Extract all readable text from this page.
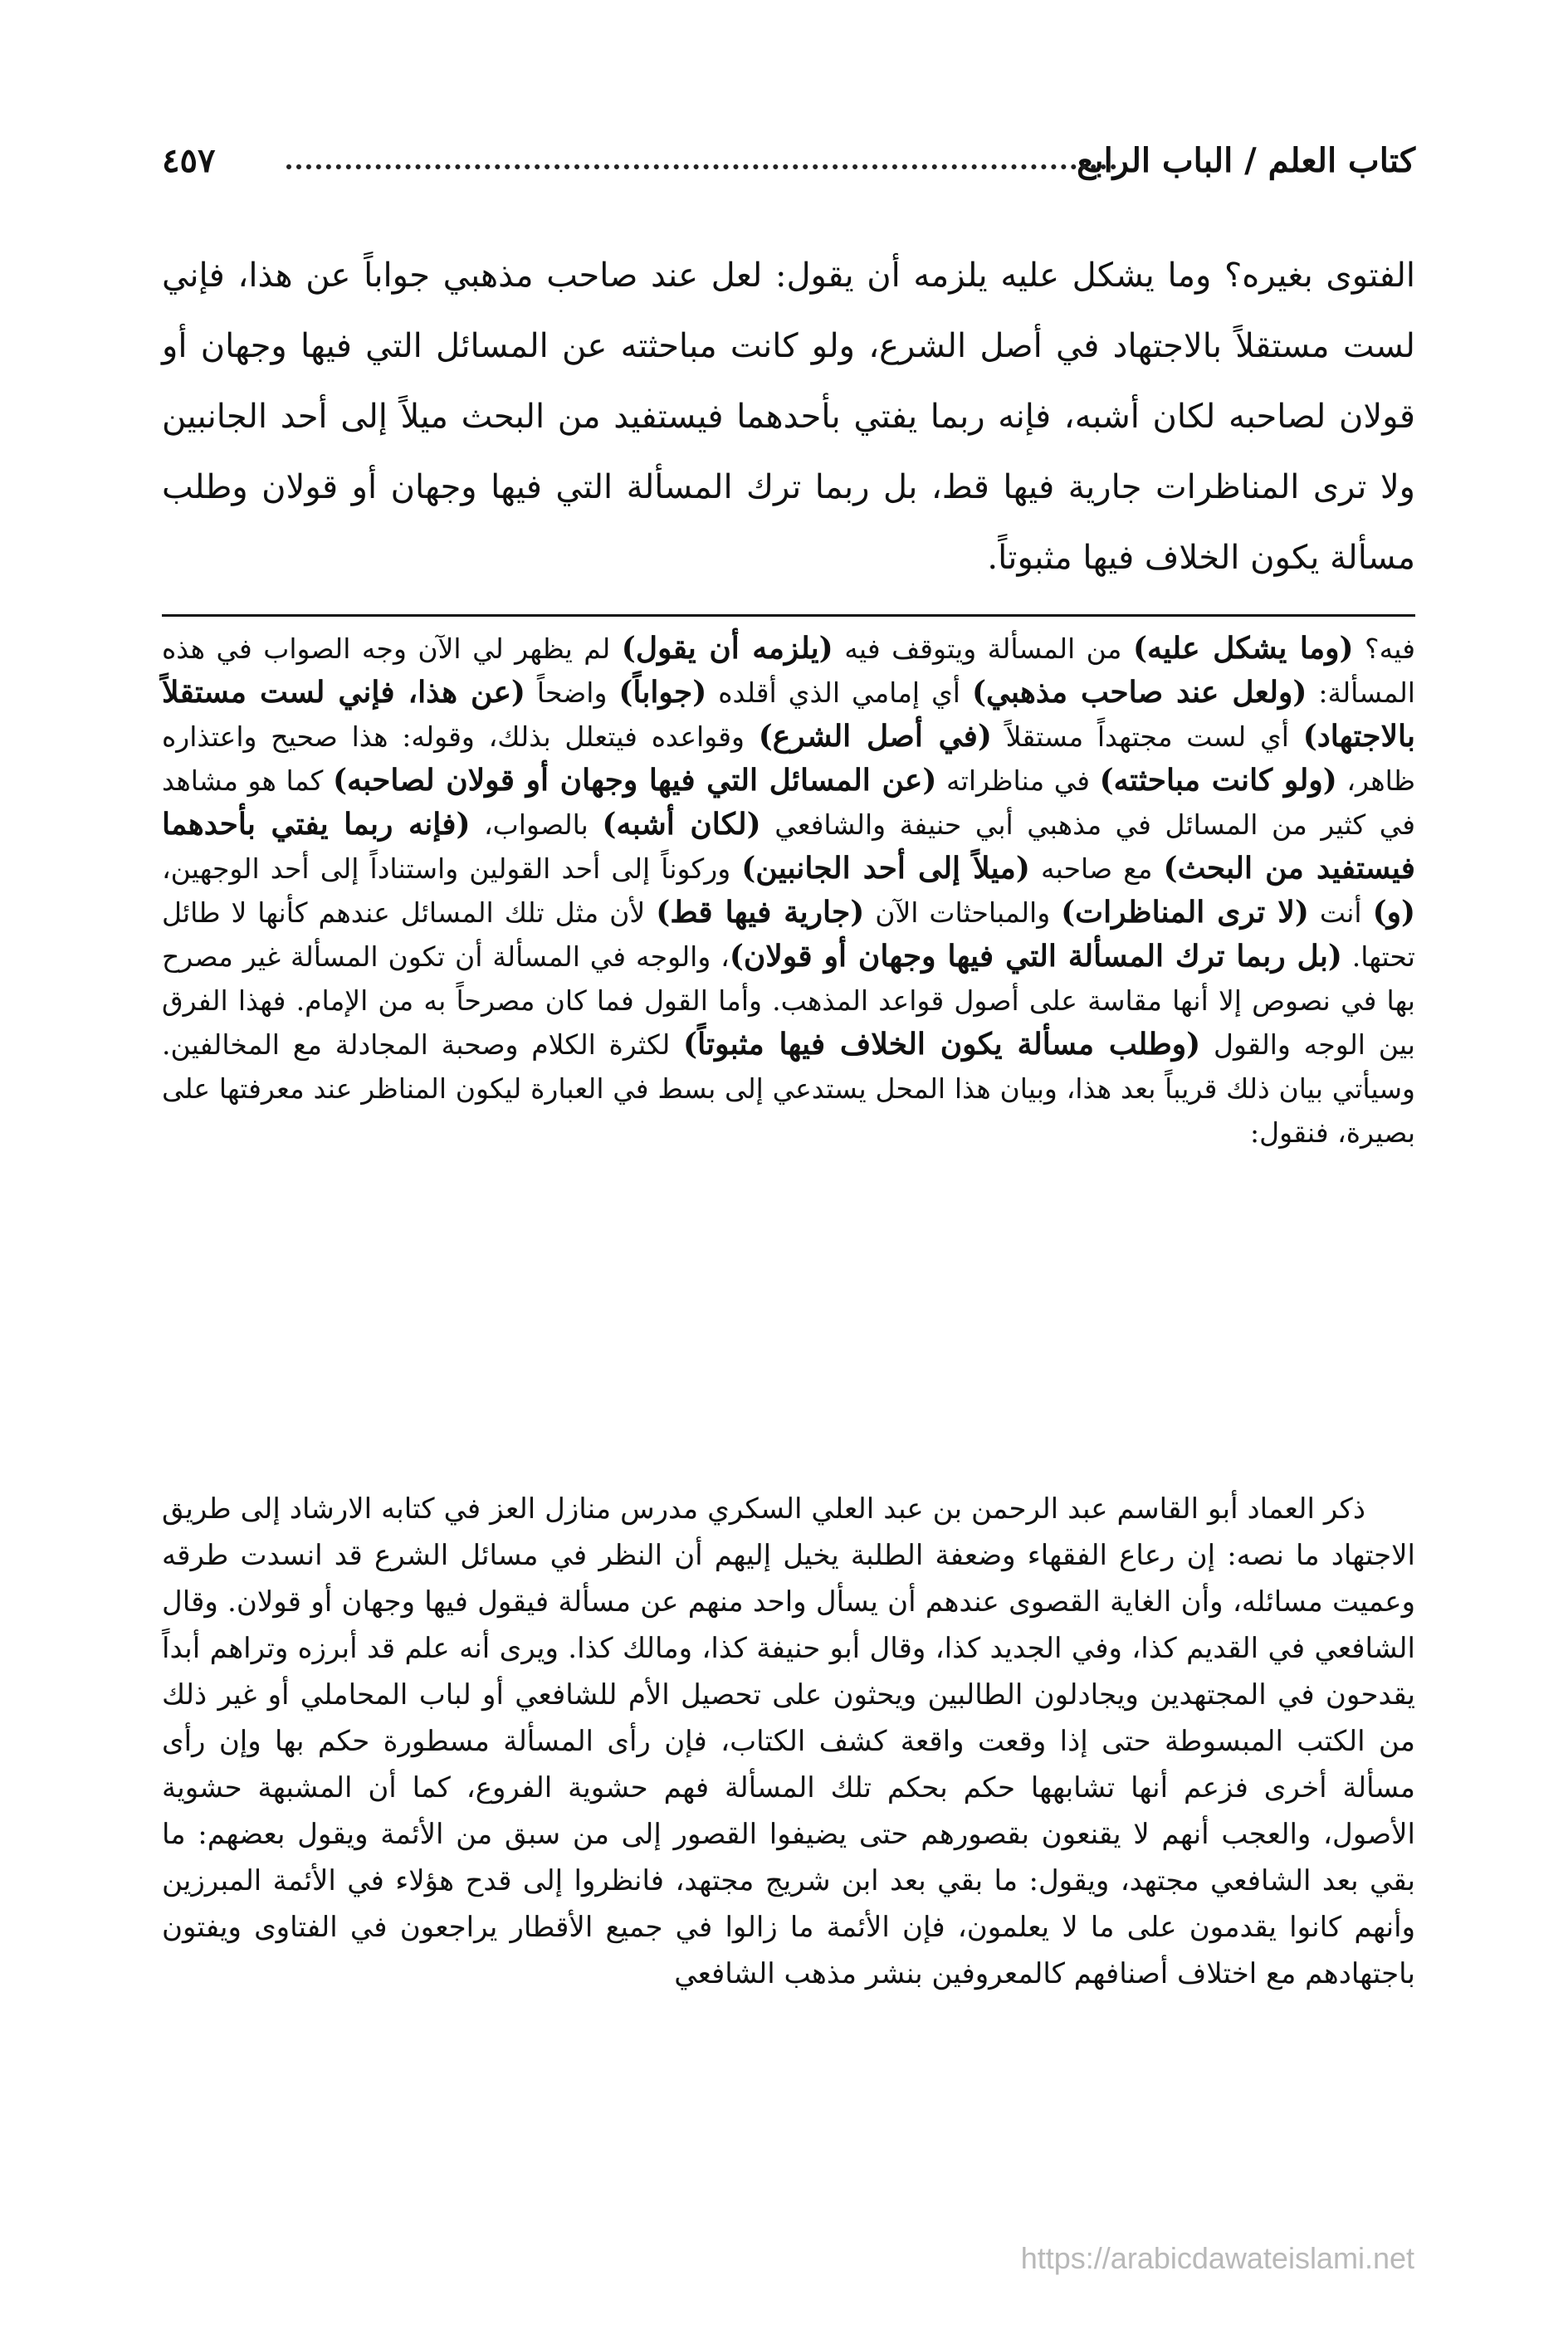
كتاب العلم / الباب الرابع
٤٥٧

الفتوى بغيره؟ وما يشكل عليه يلزمه أن يقول: لعل عند صاحب مذهبي جواباً عن هذا، فإني لست مستقلاً بالاجتهاد في أصل الشرع، ولو كانت مباحثته عن المسائل التي فيها وجهان أو قولان لصاحبه لكان أشبه، فإنه ربما يفتي بأحدهما فيستفيد من البحث ميلاً إلى أحد الجانبين ولا ترى المناظرات جارية فيها قط، بل ربما ترك المسألة التي فيها وجهان أو قولان وطلب مسألة يكون الخلاف فيها مثبوتاً.

فيه؟ (وما يشكل عليه) من المسألة ويتوقف فيه (يلزمه أن يقول) لم يظهر لي الآن وجه الصواب في هذه المسألة: (ولعل عند صاحب مذهبي) أي إمامي الذي أقلده (جواباً) واضحاً (عن هذا، فإني لست مستقلاً بالاجتهاد) أي لست مجتهداً مستقلاً (في أصل الشرع) وقواعده فيتعلل بذلك، وقوله: هذا صحيح واعتذاره ظاهر، (ولو كانت مباحثته) في مناظراته (عن المسائل التي فيها وجهان أو قولان لصاحبه) كما هو مشاهد في كثير من المسائل في مذهبي أبي حنيفة والشافعي (لكان أشبه) بالصواب، (فإنه ربما يفتي بأحدهما فيستفيد من البحث) مع صاحبه (ميلاً إلى أحد الجانبين) وركوناً إلى أحد القولين واستناداً إلى أحد الوجهين، (و) أنت (لا ترى المناظرات) والمباحثات الآن (جارية فيها قط) لأن مثل تلك المسائل عندهم كأنها لا طائل تحتها. (بل ربما ترك المسألة التي فيها وجهان أو قولان)، والوجه في المسألة أن تكون المسألة غير مصرح بها في نصوص إلا أنها مقاسة على أصول قواعد المذهب. وأما القول فما كان مصرحاً به من الإمام. فهذا الفرق بين الوجه والقول (وطلب مسألة يكون الخلاف فيها مثبوتاً) لكثرة الكلام وصحبة المجادلة مع المخالفين. وسيأتي بيان ذلك قريباً بعد هذا، وبيان هذا المحل يستدعي إلى بسط في العبارة ليكون المناظر عند معرفتها على بصيرة، فنقول:

ذكر العماد أبو القاسم عبد الرحمن بن عبد العلي السكري مدرس منازل العز في كتابه الارشاد إلى طريق الاجتهاد ما نصه: إن رعاع الفقهاء وضعفة الطلبة يخيل إليهم أن النظر في مسائل الشرع قد انسدت طرقه وعميت مسائله، وأن الغاية القصوى عندهم أن يسأل واحد منهم عن مسألة فيقول فيها وجهان أو قولان. وقال الشافعي في القديم كذا، وفي الجديد كذا، وقال أبو حنيفة كذا، ومالك كذا. ويرى أنه علم قد أبرزه وتراهم أبداً يقدحون في المجتهدين ويجادلون الطالبين ويحثون على تحصيل الأم للشافعي أو لباب المحاملي أو غير ذلك من الكتب المبسوطة حتى إذا وقعت واقعة كشف الكتاب، فإن رأى المسألة مسطورة حكم بها وإن رأى مسألة أخرى فزعم أنها تشابهها حكم بحكم تلك المسألة فهم حشوية الفروع، كما أن المشبهة حشوية الأصول، والعجب أنهم لا يقنعون بقصورهم حتى يضيفوا القصور إلى من سبق من الأئمة ويقول بعضهم: ما بقي بعد الشافعي مجتهد، ويقول: ما بقي بعد ابن شريج مجتهد، فانظروا إلى قدح هؤلاء في الأئمة المبرزين وأنهم كانوا يقدمون على ما لا يعلمون، فإن الأئمة ما زالوا في جميع الأقطار يراجعون في الفتاوى ويفتون باجتهادهم مع اختلاف أصنافهم كالمعروفين بنشر مذهب الشافعي

https://arabicdawateislami.net
